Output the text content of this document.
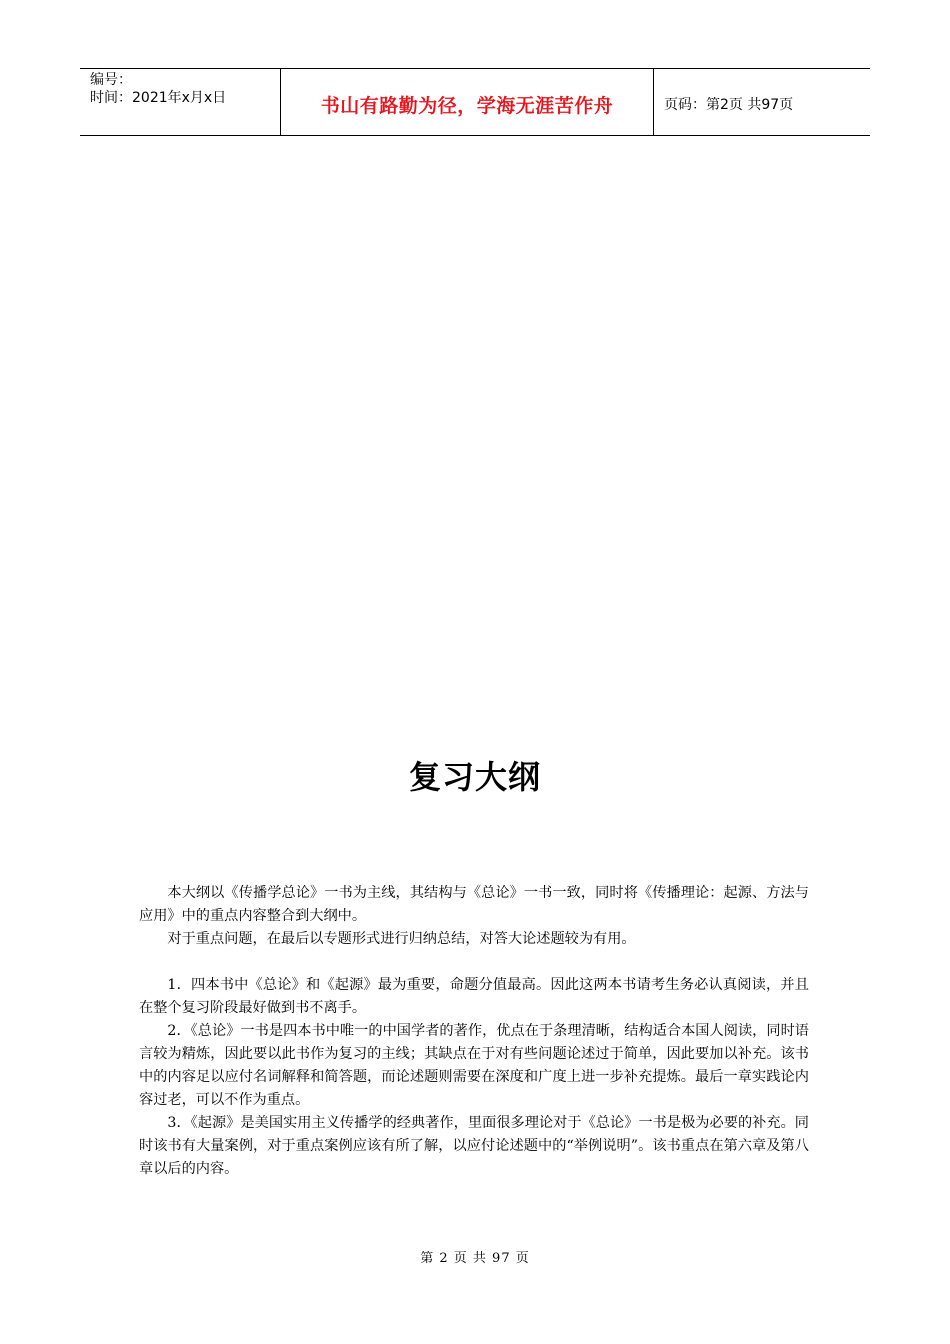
编号：
时间：2021年x月x日	书山有路勤为径，学海无涯苦作舟	页码：第2页 共97页
复习大纲

本大纲以《传播学总论》一书为主线，其结构与《总论》一书一致，同时将《传播理论：起源、方法与应用》中的重点内容整合到大纲中。

对于重点问题，在最后以专题形式进行归纳总结，对答大论述题较为有用。

1．四本书中《总论》和《起源》最为重要，命题分值最高。因此这两本书请考生务必认真阅读，并且在整个复习阶段最好做到书不离手。

2．《总论》一书是四本书中唯一的中国学者的著作，优点在于条理清晰，结构适合本国人阅读，同时语言较为精炼，因此要以此书作为复习的主线；其缺点在于对有些问题论述过于简单，因此要加以补充。该书中的内容足以应付名词解释和简答题，而论述题则需要在深度和广度上进一步补充提炼。最后一章实践论内容过老，可以不作为重点。

3．《起源》是美国实用主义传播学的经典著作，里面很多理论对于《总论》一书是极为必要的补充。同时该书有大量案例，对于重点案例应该有所了解，以应付论述题中的“举例说明”。该书重点在第六章及第八章以后的内容。

第 2 页 共 97 页
